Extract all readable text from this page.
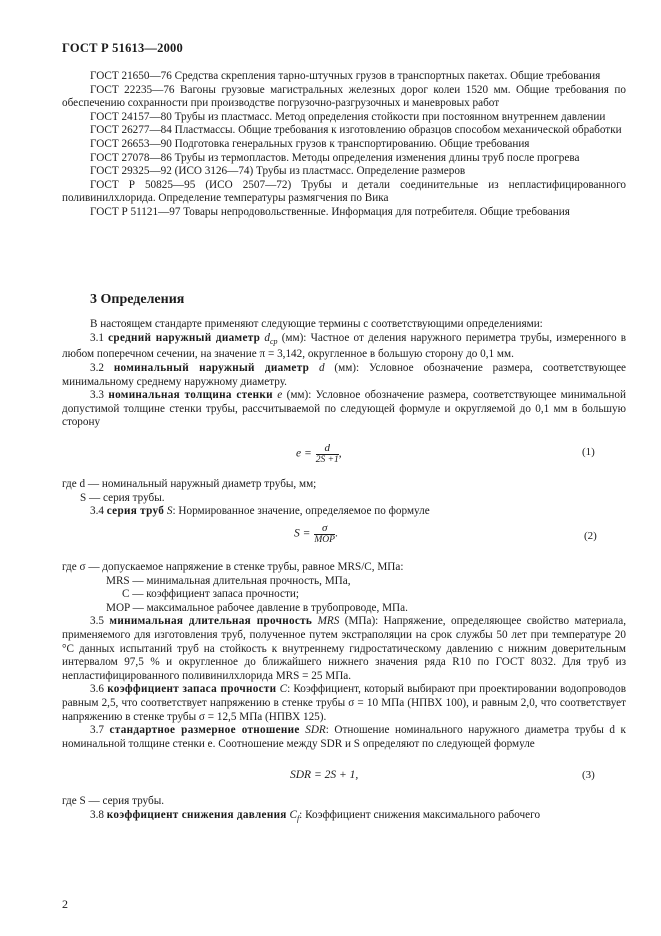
ГОСТ Р 51613—2000

ГОСТ 21650—76 Средства скрепления тарно-штучных грузов в транспортных пакетах. Общие требования

ГОСТ 22235—76 Вагоны грузовые магистральных железных дорог колеи 1520 мм. Общие требования по обеспечению сохранности при производстве погрузочно-разгрузочных и маневровых работ

ГОСТ 24157—80 Трубы из пластмасс. Метод определения стойкости при постоянном внутреннем давлении

ГОСТ 26277—84 Пластмассы. Общие требования к изготовлению образцов способом механической обработки

ГОСТ 26653—90 Подготовка генеральных грузов к транспортированию. Общие требования

ГОСТ 27078—86 Трубы из термопластов. Методы определения изменения длины труб после прогрева

ГОСТ 29325—92 (ИСО 3126—74) Трубы из пластмасс. Определение размеров

ГОСТ Р 50825—95 (ИСО 2507—72) Трубы и детали соединительные из непластифицированного поливинилхлорида. Определение температуры размягчения по Вика

ГОСТ Р 51121—97 Товары непродовольственные. Информация для потребителя. Общие требования

3 Определения

В настоящем стандарте применяют следующие термины с соответствующими определениями:

3.1 средний наружный диаметр $d_{ср}$ (мм): Частное от деления наружного периметра трубы, измеренного в любом поперечном сечении, на значение π = 3,142, округленное в большую сторону до 0,1 мм.

3.2 номинальный наружный диаметр d (мм): Условное обозначение размера, соответствующее минимальному среднему наружному диаметру.

3.3 номинальная толщина стенки e (мм): Условное обозначение размера, соответствующее минимальной допустимой толщине стенки трубы, рассчитываемой по следующей формуле и округляемой до 0,1 мм в большую сторону

$e = \frac{d}{2S +1}$ ,	(1)

где d — номинальный наружный диаметр трубы, мм;

S — серия трубы.

3.4 серия труб S: Нормированное значение, определяемое по формуле

$S = \frac{\sigma}{\text{MOP}}$ .	(2)

где σ — допускаемое напряжение в стенке трубы, равное MRS/C, МПа:

MRS — минимальная длительная прочность, МПа,

C — коэффициент запаса прочности;

MOP — максимальное рабочее давление в трубопроводе, МПа.

3.5 минимальная длительная прочность MRS (МПа): Напряжение, определяющее свойство материала, применяемого для изготовления труб, полученное путем экстраполяции на срок службы 50 лет при температуре 20 °С данных испытаний труб на стойкость к внутреннему гидростатическому давлению с нижним доверительным интервалом 97,5 % и округленное до ближайшего нижнего значения ряда R10 по ГОСТ 8032. Для труб из непластифицированного поливинилхлорида MRS = 25 МПа.

3.6 коэффициент запаса прочности C: Коэффициент, который выбирают при проектировании водопроводов равным 2,5, что соответствует напряжению в стенке трубы σ = 10 МПа (НПВХ 100), и равным 2,0, что соответствует напряжению в стенке трубы σ = 12,5 МПа (НПВХ 125).

3.7 стандартное размерное отношение SDR: Отношение номинального наружного диаметра трубы d к номинальной толщине стенки e. Соотношение между SDR и S определяют по следующей формуле

SDR = 2S + 1,	(3)

где S — серия трубы.

3.8 коэффициент снижения давления $C_f$: Коэффициент снижения максимального рабочего

2
